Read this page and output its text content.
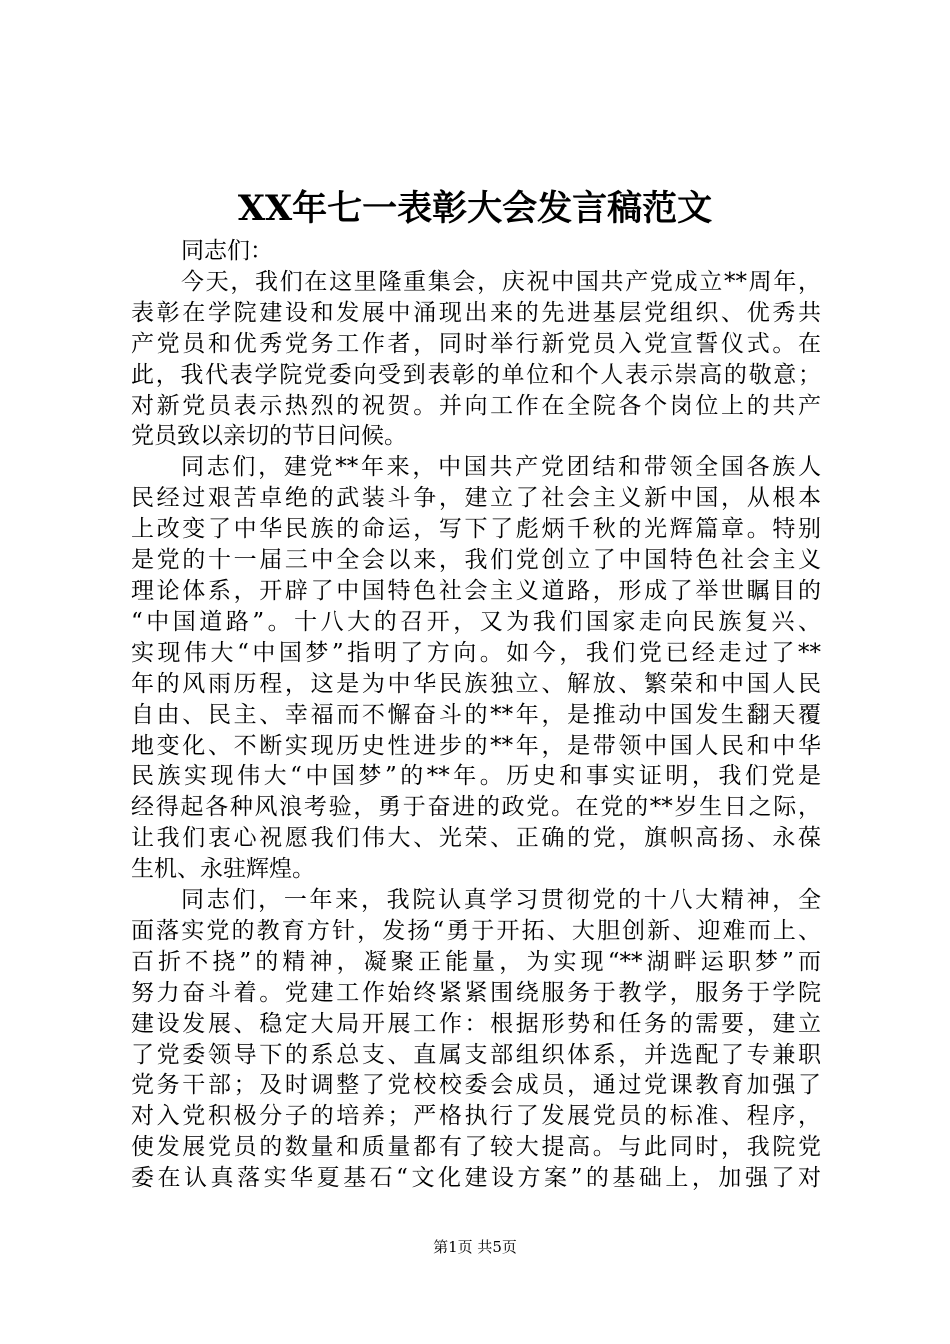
XX年七一表彰大会发言稿范文
同志们：
今天，我们在这里隆重集会，庆祝中国共产党成立**周年，
表彰在学院建设和发展中涌现出来的先进基层党组织、优秀共
产党员和优秀党务工作者，同时举行新党员入党宣誓仪式。在
此，我代表学院党委向受到表彰的单位和个人表示崇高的敬意；
对新党员表示热烈的祝贺。并向工作在全院各个岗位上的共产
党员致以亲切的节日问候。
同志们，建党**年来，中国共产党团结和带领全国各族人
民经过艰苦卓绝的武装斗争，建立了社会主义新中国，从根本
上改变了中华民族的命运，写下了彪炳千秋的光辉篇章。特别
是党的十一届三中全会以来，我们党创立了中国特色社会主义
理论体系，开辟了中国特色社会主义道路，形成了举世瞩目的
“中国道路”。十八大的召开，又为我们国家走向民族复兴、
实现伟大“中国梦”指明了方向。如今，我们党已经走过了**
年的风雨历程，这是为中华民族独立、解放、繁荣和中国人民
自由、民主、幸福而不懈奋斗的**年，是推动中国发生翻天覆
地变化、不断实现历史性进步的**年，是带领中国人民和中华
民族实现伟大“中国梦”的**年。历史和事实证明，我们党是
经得起各种风浪考验，勇于奋进的政党。在党的**岁生日之际，
让我们衷心祝愿我们伟大、光荣、正确的党，旗帜高扬、永葆
生机、永驻辉煌。
同志们，一年来，我院认真学习贯彻党的十八大精神，全
面落实党的教育方针，发扬“勇于开拓、大胆创新、迎难而上、
百折不挠”的精神，凝聚正能量，为实现“**湖畔运职梦”而
努力奋斗着。党建工作始终紧紧围绕服务于教学，服务于学院
建设发展、稳定大局开展工作：根据形势和任务的需要，建立
了党委领导下的系总支、直属支部组织体系，并选配了专兼职
党务干部；及时调整了党校校委会成员，通过党课教育加强了
对入党积极分子的培养；严格执行了发展党员的标准、程序，
使发展党员的数量和质量都有了较大提高。与此同时，我院党
委在认真落实华夏基石“文化建设方案”的基础上，加强了对
第1页 共5页
